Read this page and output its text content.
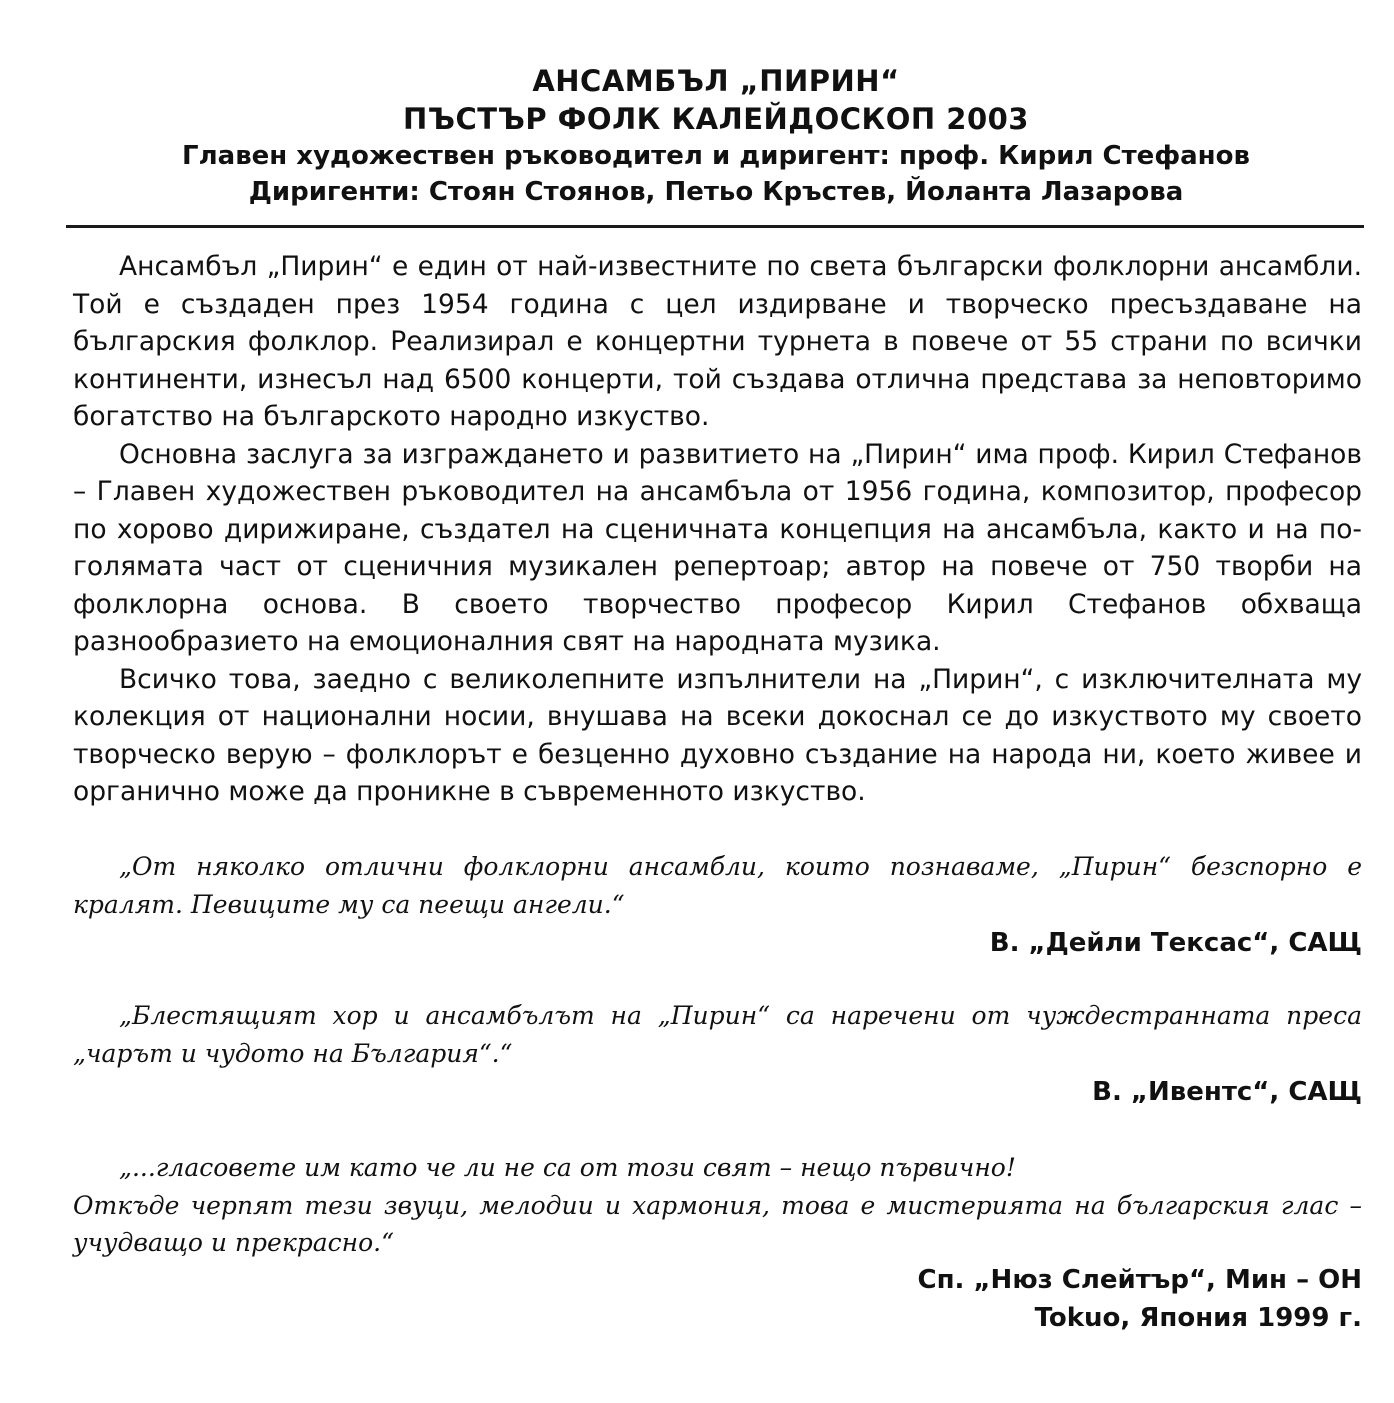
АНСАМБЪЛ „ПИРИН“
ПЪСТЪР ФОЛК КАЛЕЙДОСКОП 2003
Главен художествен ръководител и диригент: проф. Кирил Стефанов
Диригенти: Стоян Стоянов, Петьо Кръстев, Йоланта Лазарова

Ансамбъл „Пирин“ е един от най-известните по света български фолклорни ансамбли. Той е създаден през 1954 година с цел издирване и творческо пресъздаване на българския фолклор. Реализирал е концертни турнета в повече от 55 страни по всички континенти, изнесъл над 6500 концерти, той създава отлична представа за неповторимо богатство на българското народно изкуство.

Основна заслуга за изграждането и развитието на „Пирин“ има проф. Кирил Стефанов – Главен художествен ръководител на ансамбъла от 1956 година, композитор, професор по хорово дирижиране, създател на сценичната концепция на ансамбъла, както и на по-голямата част от сценичния музикален репертоар; автор на повече от 750 творби на фолклорна основа. В своето творчество професор Кирил Стефанов обхваща разнообразието на емоционалния свят на народната музика.

Всичко това, заедно с великолепните изпълнители на „Пирин“, с изключителната му колекция от национални носии, внушава на всеки докоснал се до изкуството му своето творческо верую – фолклорът е безценно духовно създание на народа ни, което живее и органично може да проникне в съвременното изкуство.

„От няколко отлични фолклорни ансамбли, които познаваме, „Пирин“ безспорно е кралят. Певиците му са пеещи ангели.“

В. „Дейли Тексас“, САЩ

„Блестящият хор и ансамбълът на „Пирин“ са наречени от чуждестранната преса „чарът и чудото на България“.“

В. „Ивентс“, САЩ
„...гласовете им като че ли не са от този свят – нещо първично!
Откъде черпят тези звуци, мелодии и хармония, това е мистерията на българския глас – учудващо и прекрасно.“
Сп. „Нюз Слейтър“, Мин – ОН
Tokuo, Япония 1999 г.
